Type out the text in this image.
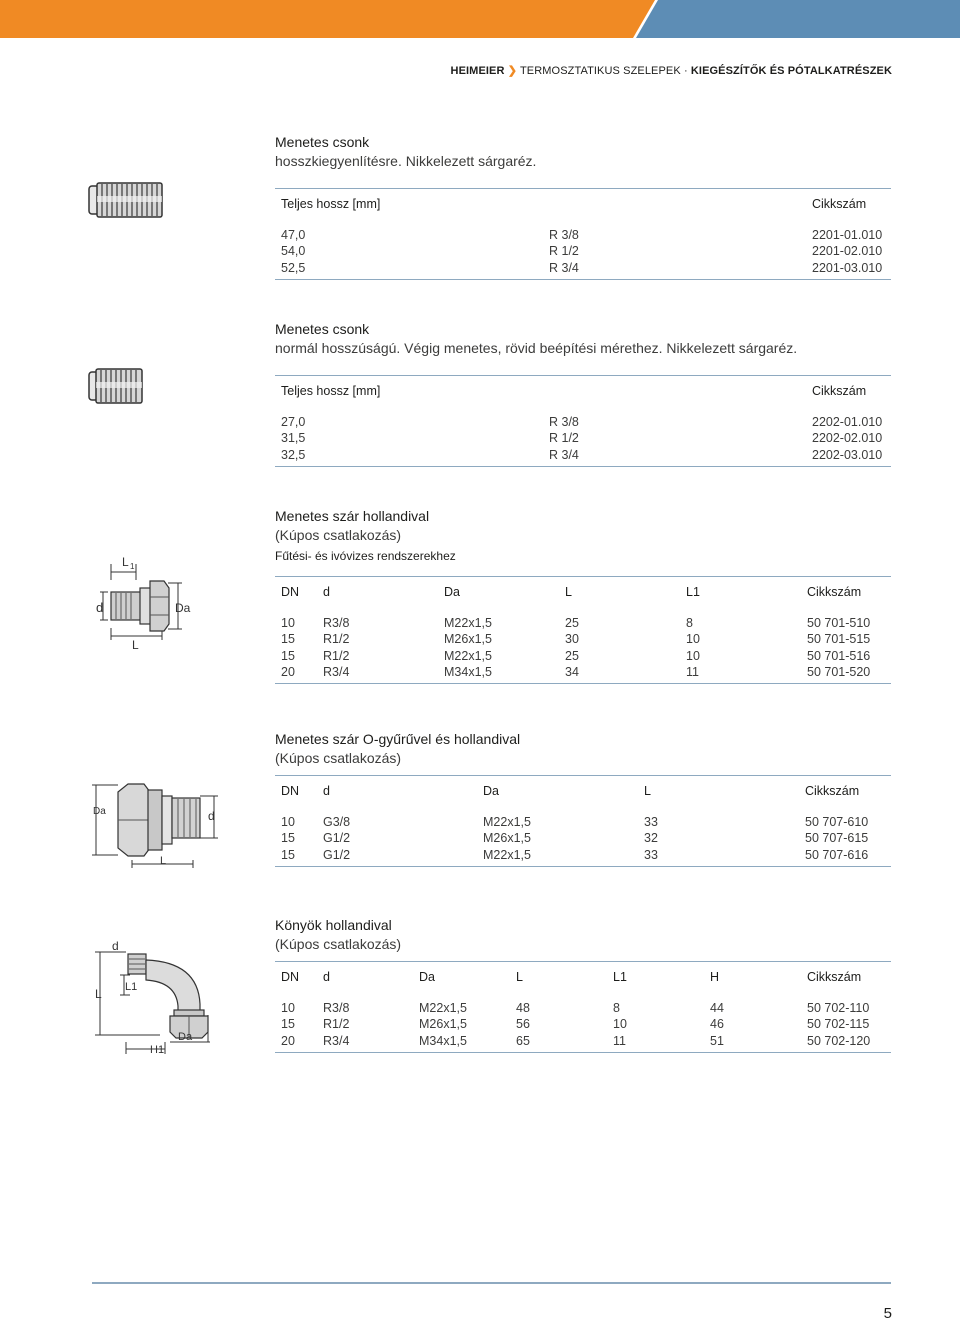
HEIMEIER ❯ TERMOSZTATIKUS SZELEPEK · KIEGÉSZÍTŐK ÉS PÓTALKATRÉSZEK
Menetes csonk
hosszkiegyenlítésre. Nikkelezett sárgaréz.
Teljes hossz [mm]		Cikkszám
47,0	R 3/8	2201-01.010
54,0	R 1/2	2201-02.010
52,5	R 3/4	2201-03.010
Menetes csonk
normál hosszúságú. Végig menetes, rövid beépítési mérethez. Nikkelezett sárgaréz.
Teljes hossz [mm]		Cikkszám
27,0	R 3/8	2202-01.010
31,5	R 1/2	2202-02.010
32,5	R 3/4	2202-03.010
L 1
d	Da
L
Menetes szár hollandival
(Kúpos csatlakozás)
Fűtési- és ivóvizes rendszerekhez
DN	d	Da	L	L1	Cikkszám
10	R3/8	M22x1,5	25	8	50 701-510
15	R1/2	M26x1,5	30	10	50 701-515
15	R1/2	M22x1,5	25	10	50 701-516
20	R3/4	M34x1,5	34	11	50 701-520
Da	d
L
Menetes szár O-gyűrűvel és hollandival
(Kúpos csatlakozás)
DN	d	Da	L	Cikkszám
10	G3/8	M22x1,5	33	50 707-610
15	G1/2	M26x1,5	32	50 707-615
15	G1/2	M22x1,5	33	50 707-616
d
L L1
Da
H1
Könyök hollandival
(Kúpos csatlakozás)
DN	d	Da	L	L1	H	Cikkszám
10	R3/8	M22x1,5	48	8	44	50 702-110
15	R1/2	M26x1,5	56	10	46	50 702-115
20	R3/4	M34x1,5	65	11	51	50 702-120
5
